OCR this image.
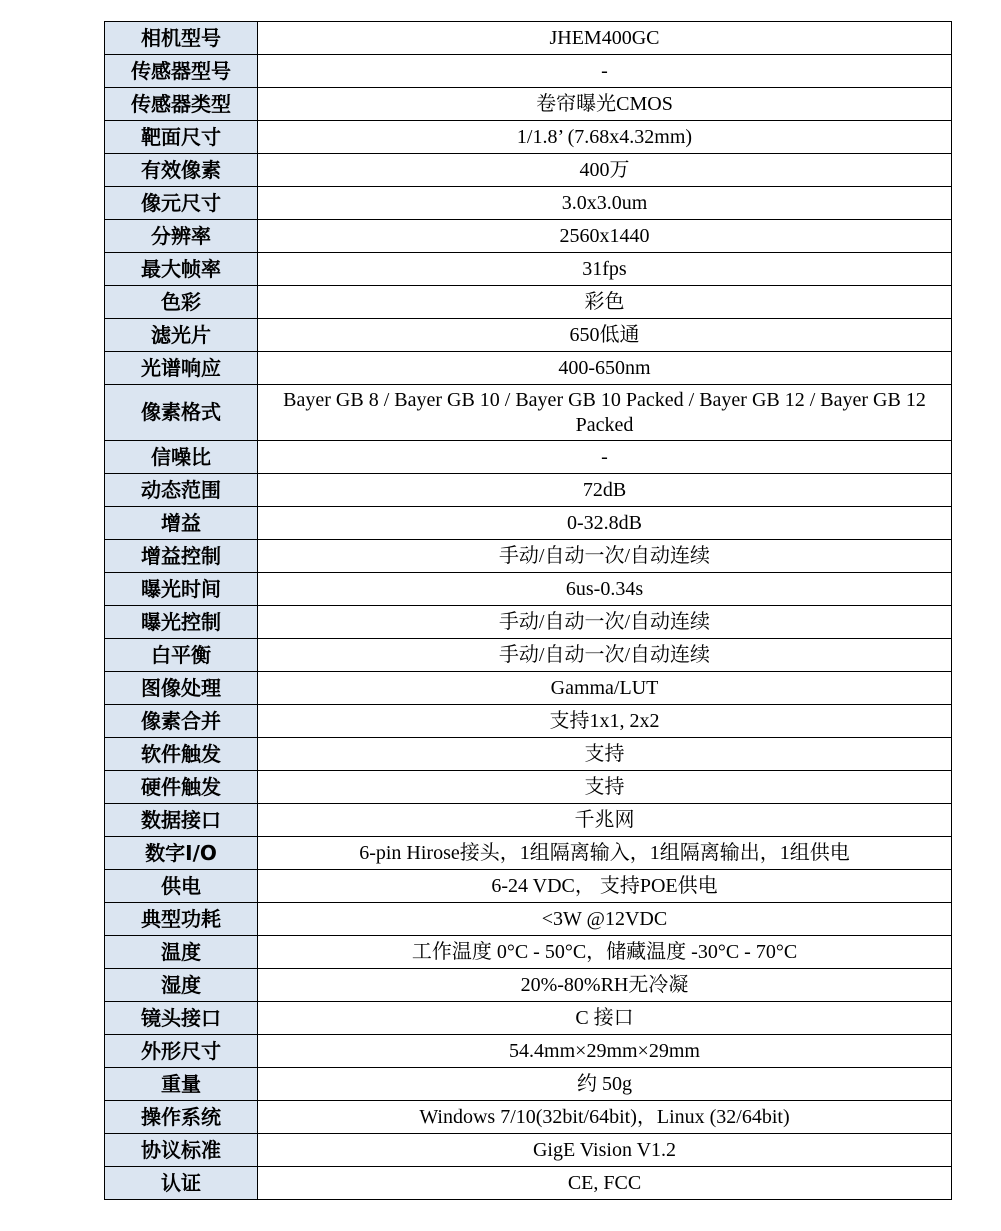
相机型号	JHEM400GC
传感器型号	-
传感器类型	卷帘曝光CMOS
靶面尺寸	1/1.8’ (7.68x4.32mm)
有效像素	400万
像元尺寸	3.0x3.0um
分辨率	2560x1440
最大帧率	31fps
色彩	彩色
滤光片	650低通
光谱响应	400-650nm
像素格式	Bayer GB 8 / Bayer GB 10 / Bayer GB 10 Packed / Bayer GB 12 / Bayer GB 12 Packed
信噪比	-
动态范围	72dB
增益	0-32.8dB
增益控制	手动/自动一次/自动连续
曝光时间	6us-0.34s
曝光控制	手动/自动一次/自动连续
白平衡	手动/自动一次/自动连续
图像处理	Gamma/LUT
像素合并	支持1x1, 2x2
软件触发	支持
硬件触发	支持
数据接口	千兆网
数字I/O	6-pin Hirose接头，1组隔离输入，1组隔离输出，1组供电
供电	6-24 VDC， 支持POE供电
典型功耗	<3W @12VDC
温度	工作温度 0°C - 50°C，储藏温度 -30°C - 70°C
湿度	20%-80%RH无冷凝
镜头接口	C 接口
外形尺寸	54.4mm×29mm×29mm
重量	约 50g
操作系统	Windows 7/10(32bit/64bit)，Linux (32/64bit)
协议标准	GigE Vision V1.2
认证	CE, FCC
